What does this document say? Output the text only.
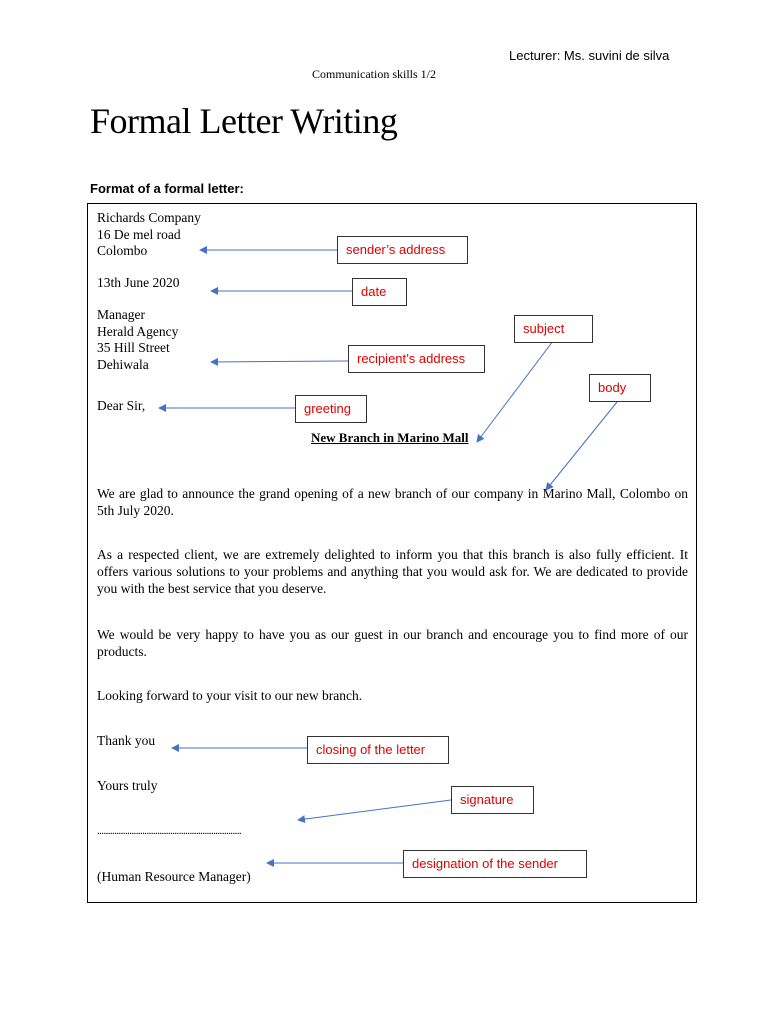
Lecturer: Ms. suvini de silva
Communication skills 1/2
Formal Letter Writing
Format of a formal letter:
Richards Company
16 De mel road
Colombo
13th June 2020
Manager
Herald Agency
35 Hill Street
Dehiwala
Dear Sir,
New Branch in Marino Mall
We are glad to announce the grand opening of a new branch of our company in Marino Mall, Colombo on 5th July 2020.
As a respected client, we are extremely delighted to inform you that this branch is also fully efficient. It offers various solutions to your problems and anything that you would ask for. We are dedicated to provide you with the best service that you deserve.
We would be very happy to have you as our guest in our branch and encourage you to find more of our products.
Looking forward to your visit to our new branch.
Thank you
Yours truly
...................................................................
(Human Resource Manager)
sender’s address
date
subject
recipient’s address
body
greeting
closing of the letter
signature
designation of the sender
